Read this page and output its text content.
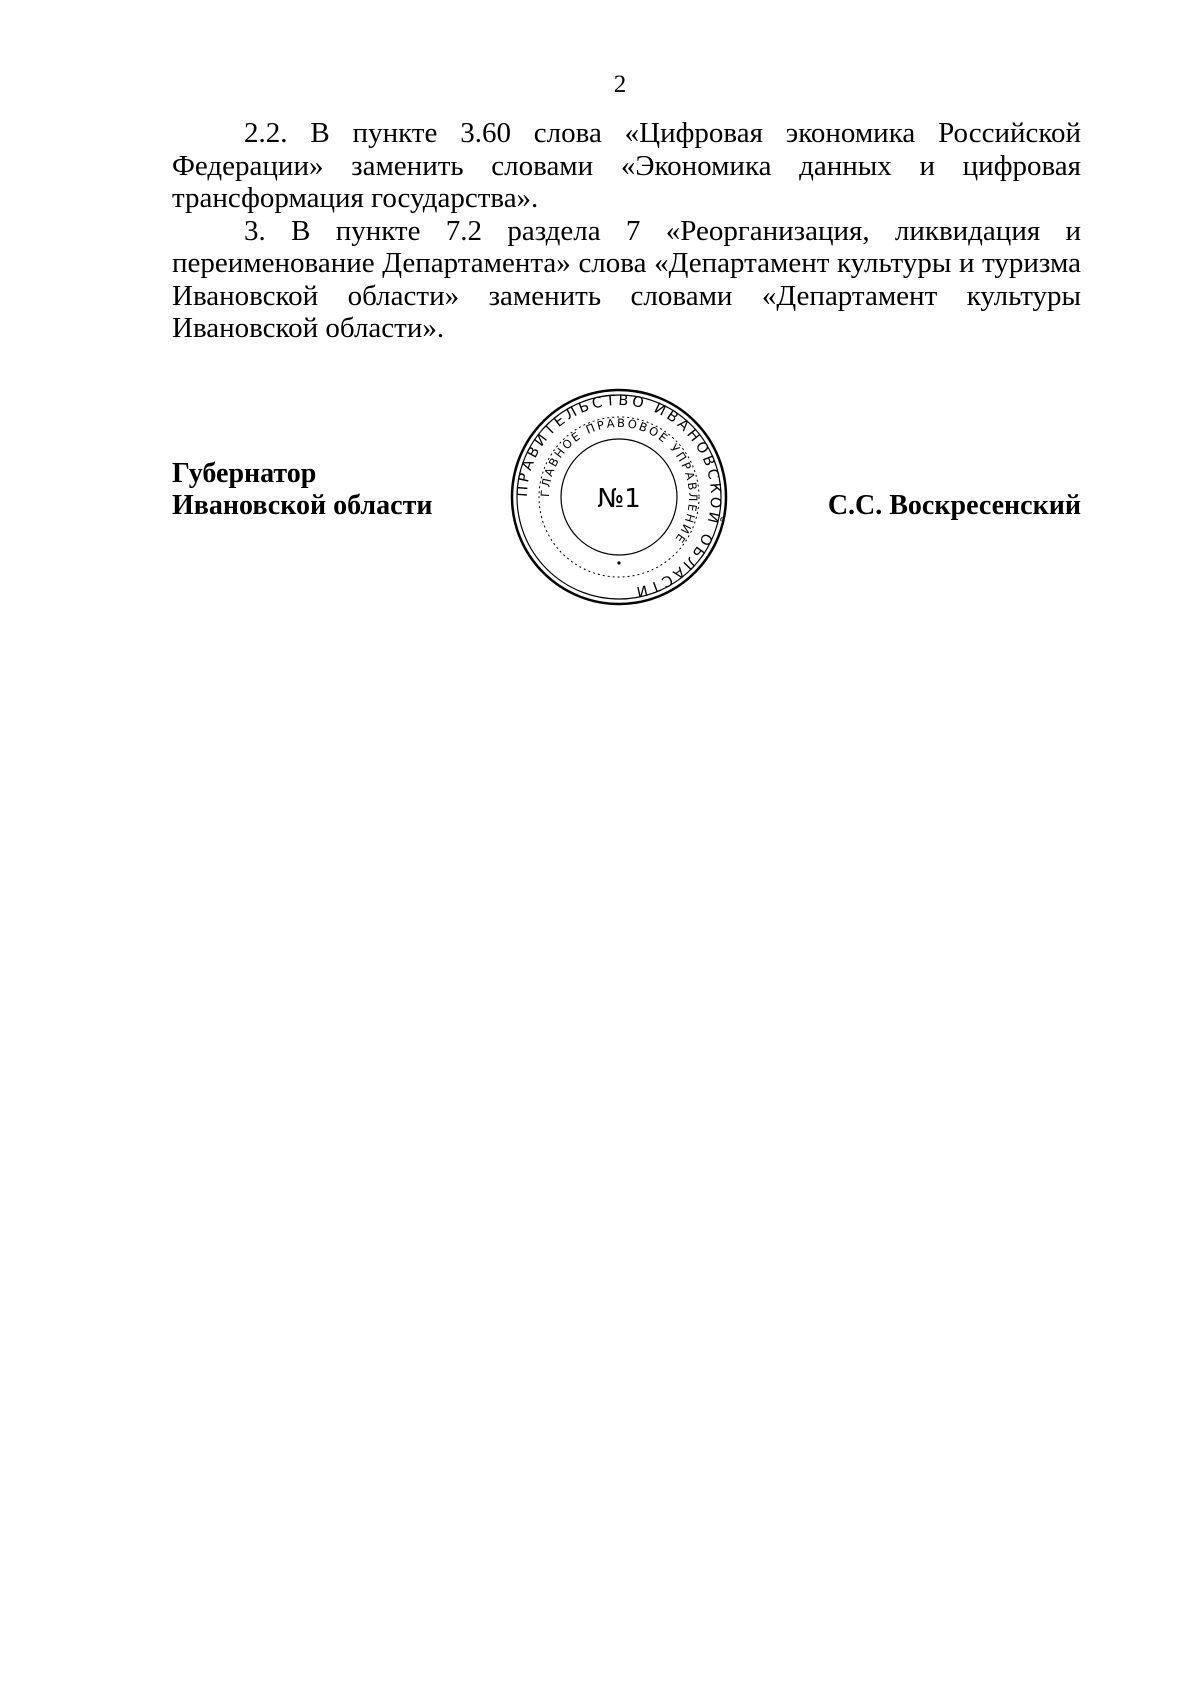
2

2.2. В пункте 3.60 слова «Цифровая экономика Российской Федерации» заменить словами «Экономика данных и цифровая трансформация государства».

3. В пункте 7.2 раздела 7 «Реорганизация, ликвидация и переименование Департамента» слова «Департамент культуры и туризма Ивановской области» заменить словами «Департамент культуры Ивановской области».

Губернатор
Ивановской области	С.С. Воскресенский
ПРАВИТЕЛЬСТВО ИВАНОВСКОЙ ОБЛАСТИ
ГЛАВНОЕ ПРАВОВОЕ УПРАВЛЕНИЕ
№1
